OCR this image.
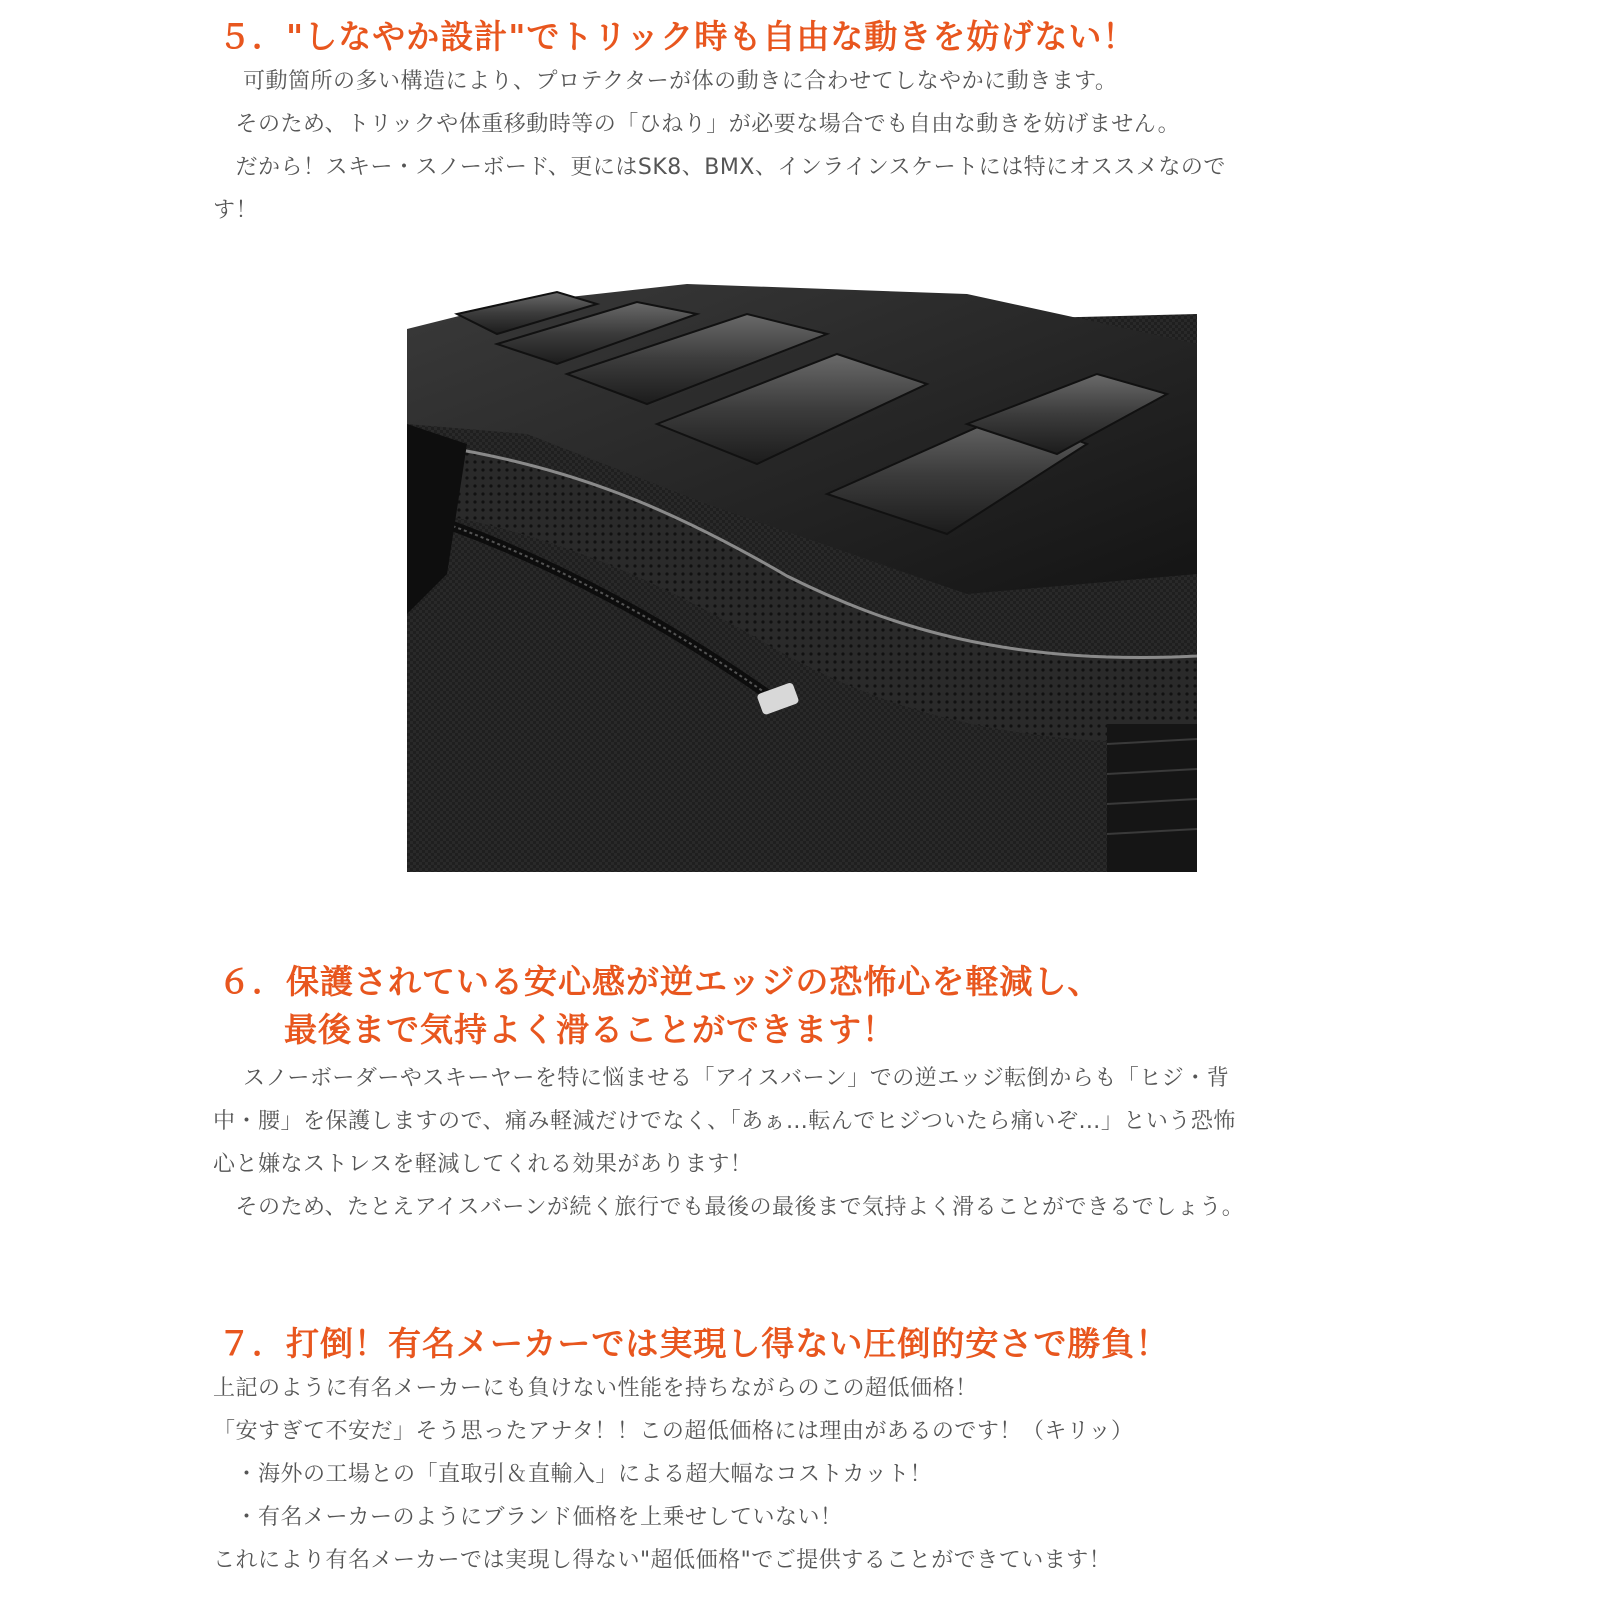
５．"しなやか設計"でトリック時も自由な動きを妨げない！
　 可動箇所の多い構造により、プロテクターが体の動きに合わせてしなやかに動きます。
　そのため、トリックや体重移動時等の「ひねり」が必要な場合でも自由な動きを妨げません。
　だから！スキー・スノーボード、更にはSK8、BMX、インラインスケートには特にオススメなので
す！
６．保護されている安心感が逆エッジの恐怖心を軽減し、
最後まで気持よく滑ることができます！
　 スノーボーダーやスキーヤーを特に悩ませる「アイスバーン」での逆エッジ転倒からも「ヒジ・背
中・腰」を保護しますので、痛み軽減だけでなく、「あぁ…転んでヒジついたら痛いぞ…」という恐怖
心と嫌なストレスを軽減してくれる効果があります！
　そのため、たとえアイスバーンが続く旅行でも最後の最後まで気持よく滑ることができるでしょう。
７．打倒！有名メーカーでは実現し得ない圧倒的安さで勝負！
上記のように有名メーカーにも負けない性能を持ちながらのこの超低価格！
「安すぎて不安だ」そう思ったアナタ！！この超低価格には理由があるのです！（キリッ）
　・海外の工場との「直取引＆直輸入」による超大幅なコストカット！
　・有名メーカーのようにブランド価格を上乗せしていない！
これにより有名メーカーでは実現し得ない"超低価格"でご提供することができています！
